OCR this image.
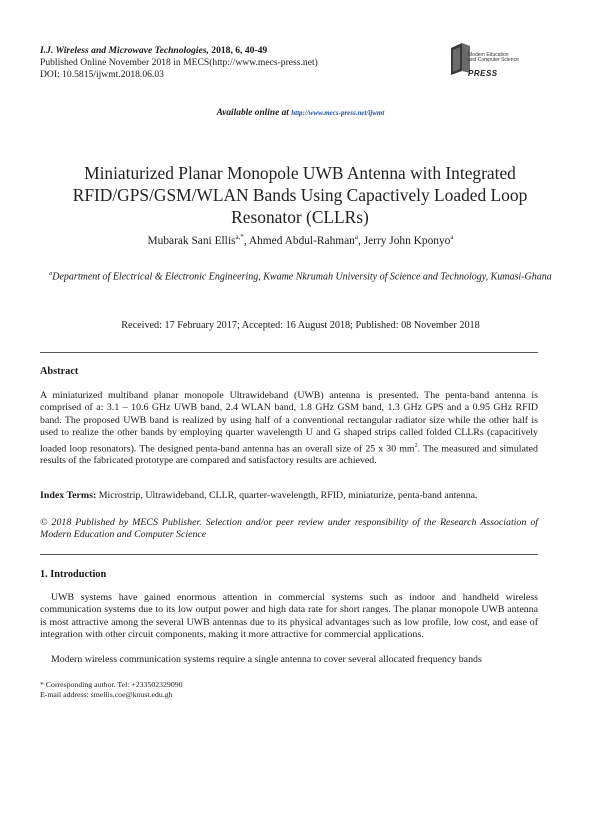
I.J. Wireless and Microwave Technologies, 2018, 6, 40-49
Published Online November 2018 in MECS(http://www.mecs-press.net)
DOI: 10.5815/ijwmt.2018.06.03
Modern Education
and Computer Science
PRESS
Available online at http://www.mecs-press.net/ijwmt
Miniaturized Planar Monopole UWB Antenna with Integrated RFID/GPS/GSM/WLAN Bands Using Capactively Loaded Loop Resonator (CLLRs)
Mubarak Sani Ellis$^{a,*}$, Ahmed Abdul-Rahman$^a$, Jerry John Kponyo$^a$
$^a$Department of Electrical & Electronic Engineering, Kwame Nkrumah University of Science and Technology, Kumasi-Ghana
Received: 17 February 2017; Accepted: 16 August 2018; Published: 08 November 2018
Abstract
A miniaturized multiband planar monopole Ultrawideband (UWB) antenna is presented. The penta-band antenna is comprised of a: 3.1 – 10.6 GHz UWB band, 2.4 WLAN band, 1.8 GHz GSM band, 1.3 GHz GPS and a 0.95 GHz RFID band. The proposed UWB band is realized by using half of a conventional rectangular radiator size while the other half is used to realize the other bands by employing quarter wavelength U and G shaped strips called folded CLLRs (capacitively loaded loop resonators). The designed penta-band antenna has an overall size of 25 x 30 $mm^2$. The measured and simulated results of the fabricated prototype are compared and satisfactory results are achieved.
Index Terms: Microstrip, Ultrawideband, CLLR, quarter-wavelength, RFID, miniaturize, penta-band antenna.
© 2018 Published by MECS Publisher. Selection and/or peer review under responsibility of the Research Association of Modern Education and Computer Science
1. Introduction
UWB systems have gained enormous attention in commercial systems such as indoor and handheld wireless communication systems due to its low output power and high data rate for short ranges. The planar monopole UWB antenna is most attractive among the several UWB antennas due to its physical advantages such as low profile, low cost, and ease of integration with other circuit components, making it more attractive for commercial applications.
Modern wireless communication systems require a single antenna to cover several allocated frequency bands
* Corresponding author. Tel: +233502329090
E-mail address: smellis.coe@knust.edu.gh
